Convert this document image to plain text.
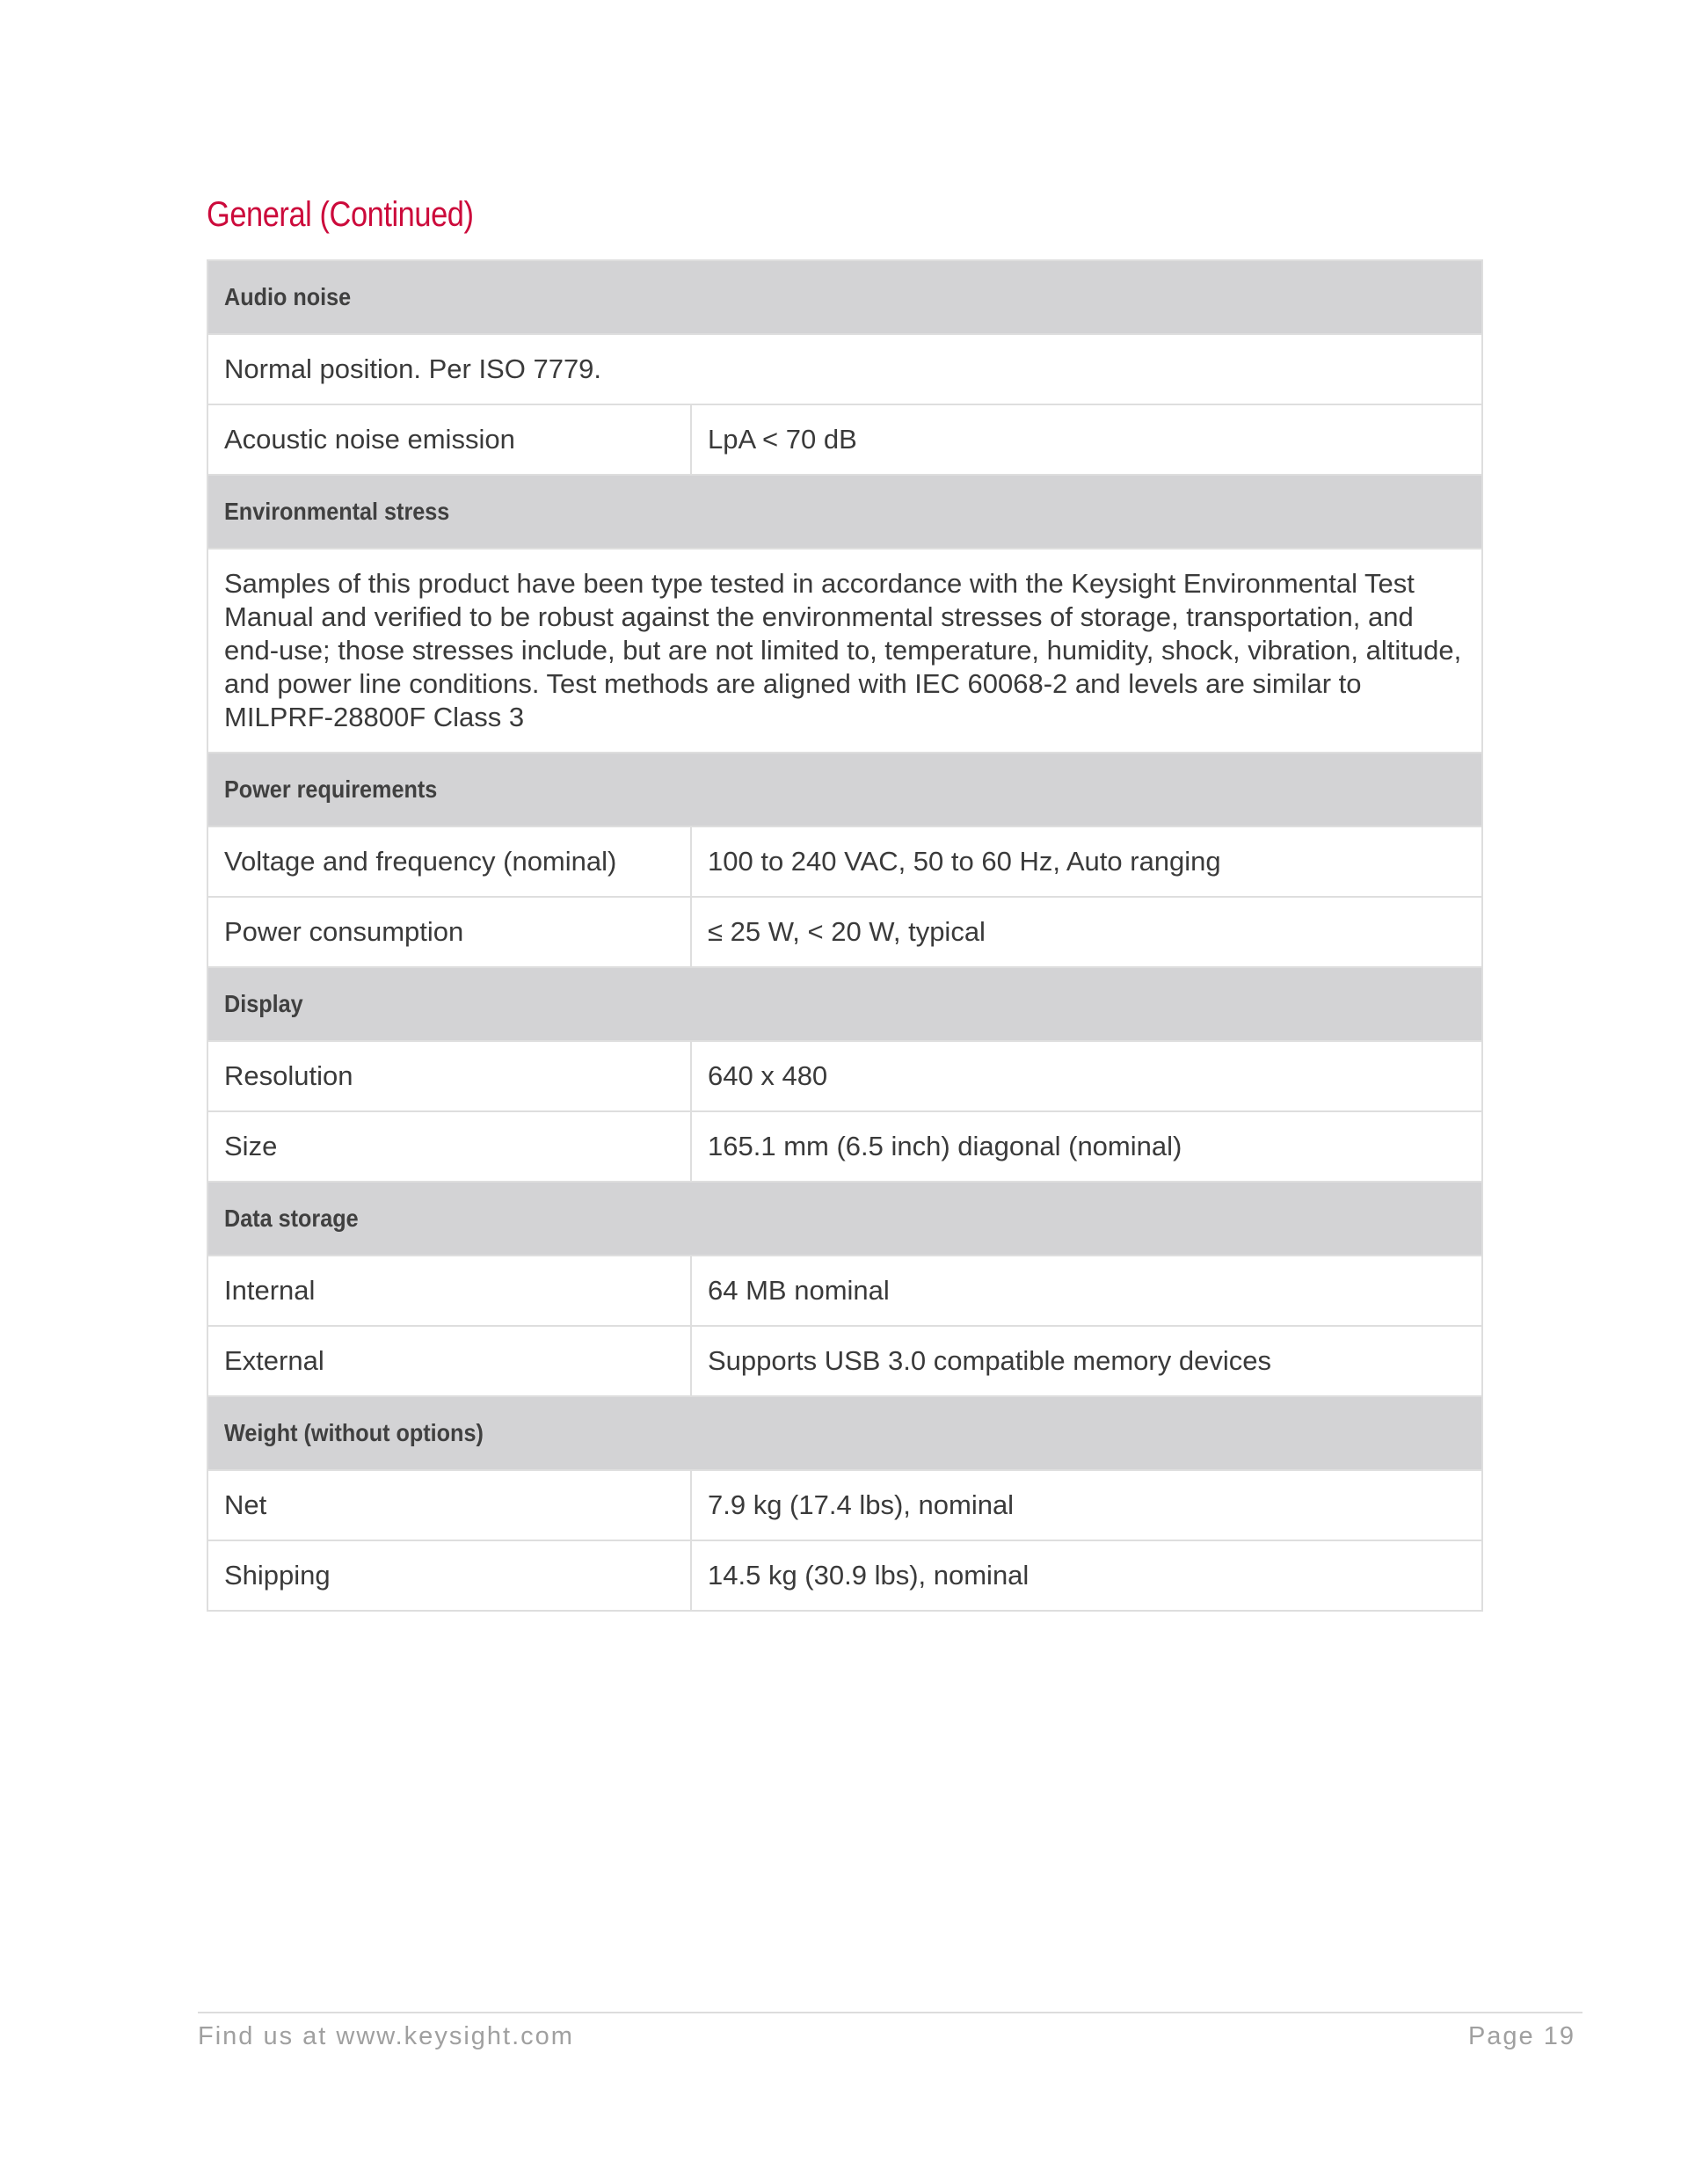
General (Continued)
Audio noise	
Normal position. Per ISO 7779.	
Acoustic noise emission	LpA < 70 dB
Environmental stress	
Samples of this product have been type tested in accordance with the Keysight Environmental Test Manual and verified to be robust against the environmental stresses of storage, transportation, and end-use; those stresses include, but are not limited to, temperature, humidity, shock, vibration, altitude, and power line conditions. Test methods are aligned with IEC 60068-2 and levels are similar to MILPRF-28800F Class 3	
Power requirements	
Voltage and frequency (nominal)	100 to 240 VAC, 50 to 60 Hz, Auto ranging
Power consumption	≤ 25 W, < 20 W, typical
Display	
Resolution	640 x 480
Size	165.1 mm (6.5 inch) diagonal (nominal)
Data storage	
Internal	64 MB nominal
External	Supports USB 3.0 compatible memory devices
Weight (without options)	
Net	7.9 kg (17.4 lbs), nominal
Shipping	14.5 kg (30.9 lbs), nominal
Find us at www.keysight.com	Page 19
